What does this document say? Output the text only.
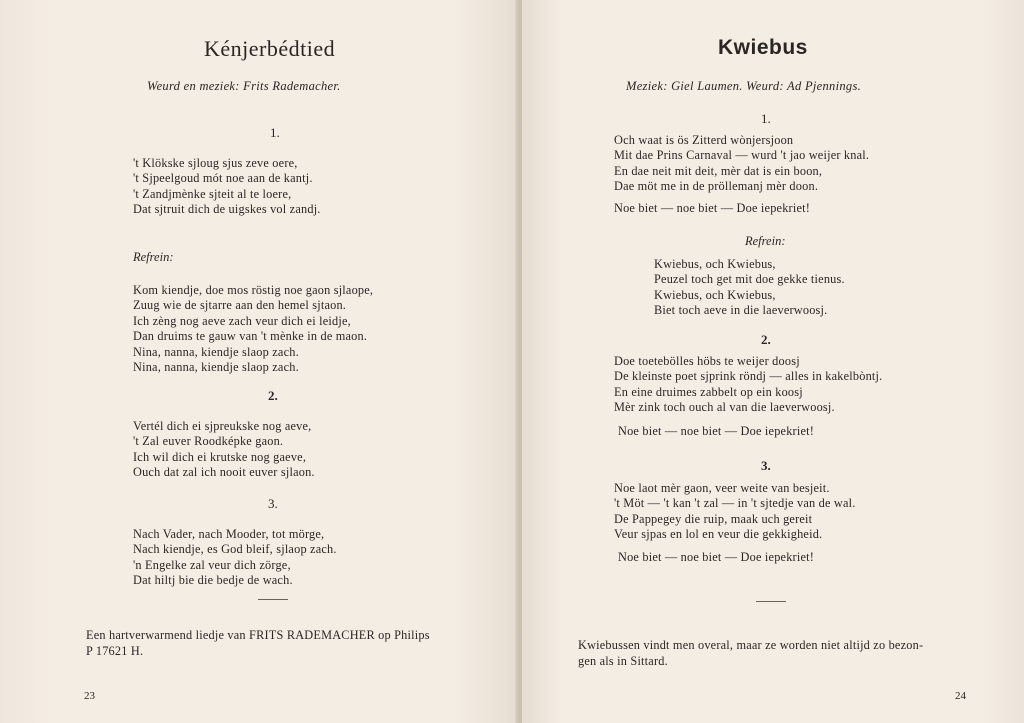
Kénjerbédtied
Weurd en meziek: Frits Rademacher.
1.
't Klökske sjloug sjus zeve oere,
't Sjpeelgoud mót noe aan de kantj.
't Zandjmènke sjteit al te loere,
Dat sjtruit dich de uigskes vol zandj.
Refrein:
Kom kiendje, doe mos röstig noe gaon sjlaope,
Zuug wie de sjtarre aan den hemel sjtaon.
Ich zèng nog aeve zach veur dich ei leidje,
Dan druims te gauw van 't mènke in de maon.
Nina, nanna, kiendje slaop zach.
Nina, nanna, kiendje slaop zach.
2.
Vertél dich ei sjpreukske nog aeve,
't Zal euver Roodképke gaon.
Ich wil dich ei krutske nog gaeve,
Ouch dat zal ich nooit euver sjlaon.
3.
Nach Vader, nach Mooder, tot mörge,
Nach kiendje, es God bleif, sjlaop zach.
'n Engelke zal veur dich zörge,
Dat hiltj bie die bedje de wach.
Een hartverwarmend liedje van FRITS RADEMACHER op Philips
P 17621 H.
23
Kwiebus
Meziek: Giel Laumen. Weurd: Ad Pjennings.
1.
Och waat is ös Zitterd wònjersjoon
Mit dae Prins Carnaval — wurd 't jao weijer knal.
En dae neit mit deit, mèr dat is ein boon,
Dae möt me in de pröllemanj mèr doon.
Noe biet — noe biet — Doe iepekriet!
Refrein:
Kwiebus, och Kwiebus,
Peuzel toch get mit doe gekke tienus.
Kwiebus, och Kwiebus,
Biet toch aeve in die laeverwoosj.
2.
Doe toetebölles höbs te weijer doosj
De kleinste poet sjprink röndj — alles in kakelbòntj.
En eine druimes zabbelt op ein koosj
Mèr zink toch ouch al van die laeverwoosj.
Noe biet — noe biet — Doe iepekriet!
3.
Noe laot mèr gaon, veer weite van besjeit.
't Möt — 't kan 't zal — in 't sjtedje van de wal.
De Pappegey die ruip, maak uch gereit
Veur sjpas en lol en veur die gekkigheid.
Noe biet — noe biet — Doe iepekriet!
Kwiebussen vindt men overal, maar ze worden niet altijd zo bezon-
gen als in Sittard.
24
